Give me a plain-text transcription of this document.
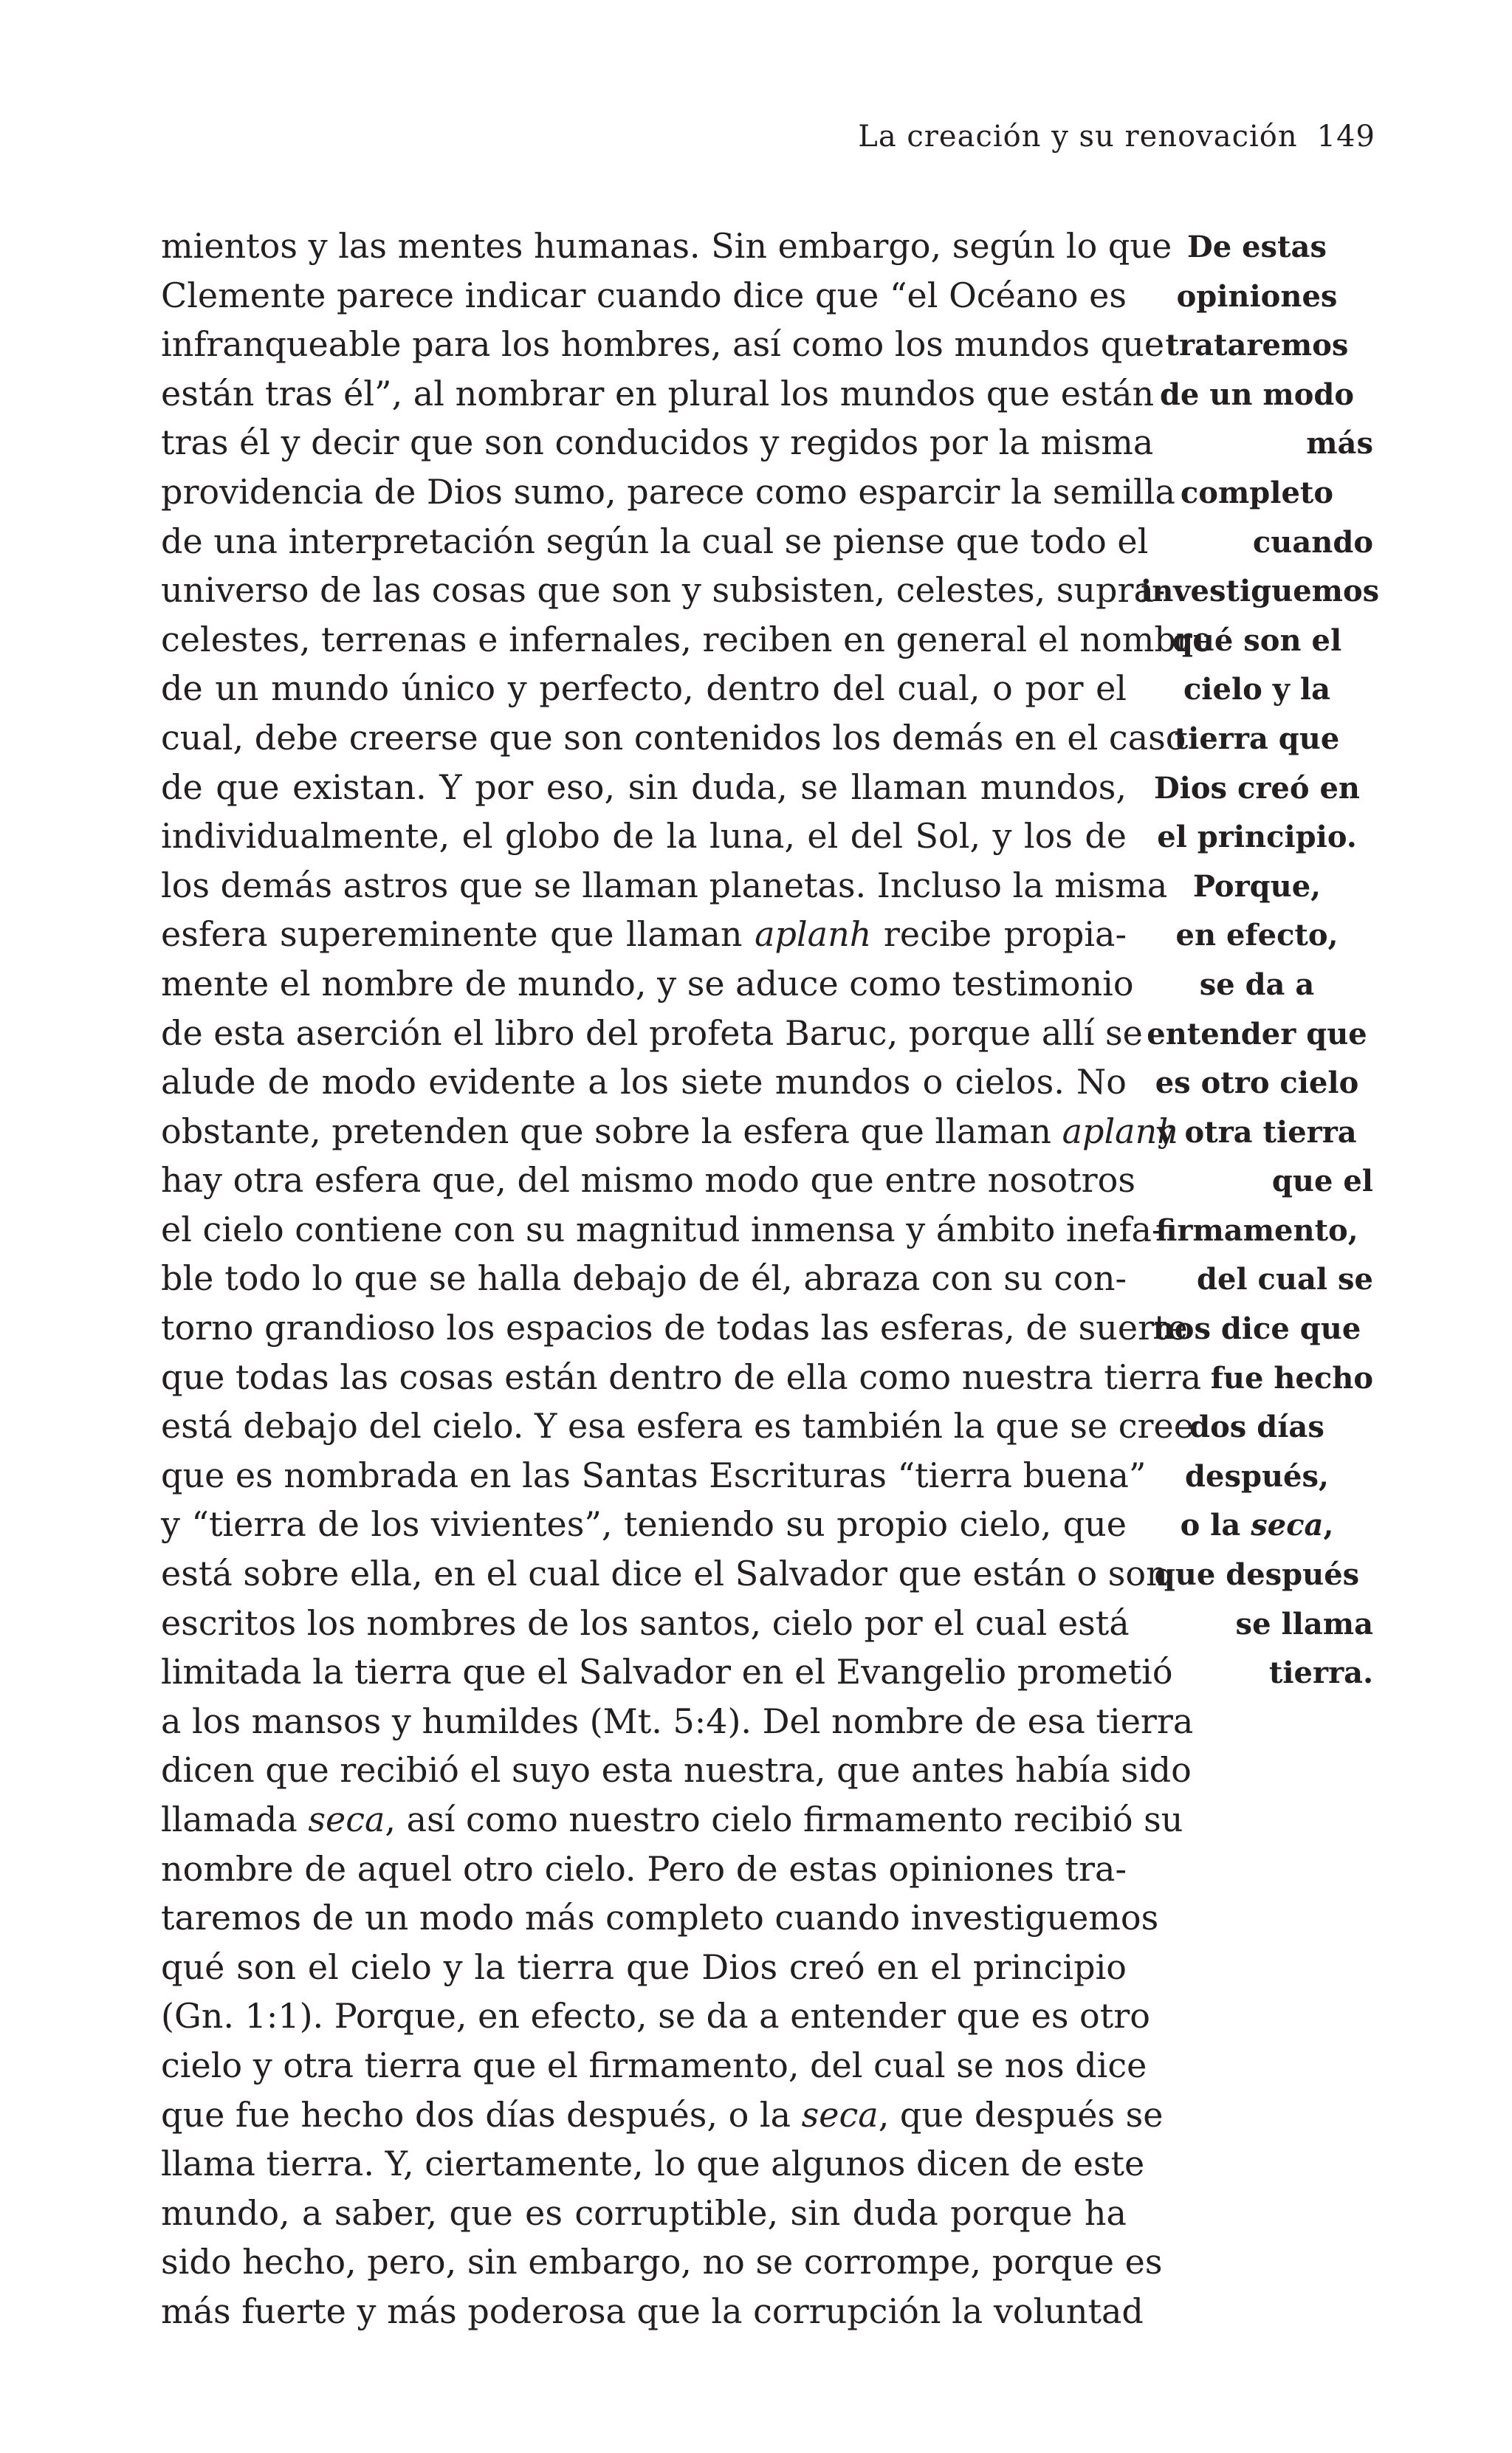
La creación y su renovación 149
mientos y las mentes humanas. Sin embargo, según lo que
Clemente parece indicar cuando dice que “el Océano es
infranqueable para los hombres, así como los mundos que
están tras él”, al nombrar en plural los mundos que están
tras él y decir que son conducidos y regidos por la misma
providencia de Dios sumo, parece como esparcir la semilla
de una interpretación según la cual se piense que todo el
universo de las cosas que son y subsisten, celestes, supra-
celestes, terrenas e infernales, reciben en general el nombre
de un mundo único y perfecto, dentro del cual, o por el
cual, debe creerse que son contenidos los demás en el caso
de que existan. Y por eso, sin duda, se llaman mundos,
individualmente, el globo de la luna, el del Sol, y los de
los demás astros que se llaman planetas. Incluso la misma
esfera supereminente que llaman aplanh recibe propia-
mente el nombre de mundo, y se aduce como testimonio
de esta aserción el libro del profeta Baruc, porque allí se
alude de modo evidente a los siete mundos o cielos. No
obstante, pretenden que sobre la esfera que llaman aplanh
hay otra esfera que, del mismo modo que entre nosotros
el cielo contiene con su magnitud inmensa y ámbito inefa-
ble todo lo que se halla debajo de él, abraza con su con-
torno grandioso los espacios de todas las esferas, de suerte
que todas las cosas están dentro de ella como nuestra tierra
está debajo del cielo. Y esa esfera es también la que se cree
que es nombrada en las Santas Escrituras “tierra buena”
y “tierra de los vivientes”, teniendo su propio cielo, que
está sobre ella, en el cual dice el Salvador que están o son
escritos los nombres de los santos, cielo por el cual está
limitada la tierra que el Salvador en el Evangelio prometió
a los mansos y humildes (Mt. 5:4). Del nombre de esa tierra
dicen que recibió el suyo esta nuestra, que antes había sido
llamada seca, así como nuestro cielo firmamento recibió su
nombre de aquel otro cielo. Pero de estas opiniones tra-
taremos de un modo más completo cuando investiguemos
qué son el cielo y la tierra que Dios creó en el principio
(Gn. 1:1). Porque, en efecto, se da a entender que es otro
cielo y otra tierra que el firmamento, del cual se nos dice
que fue hecho dos días después, o la seca, que después se
llama tierra. Y, ciertamente, lo que algunos dicen de este
mundo, a saber, que es corruptible, sin duda porque ha
sido hecho, pero, sin embargo, no se corrompe, porque es
más fuerte y más poderosa que la corrupción la voluntad
De estas
opiniones
trataremos
de un modo
más
completo
cuando
investiguemos
qué son el
cielo y la
tierra que
Dios creó en
el principio.
Porque,
en efecto,
se da a
entender que
es otro cielo
y otra tierra
que el
firmamento,
del cual se
nos dice que
fue hecho
dos días
después,
o la seca,
que después
se llama
tierra.
